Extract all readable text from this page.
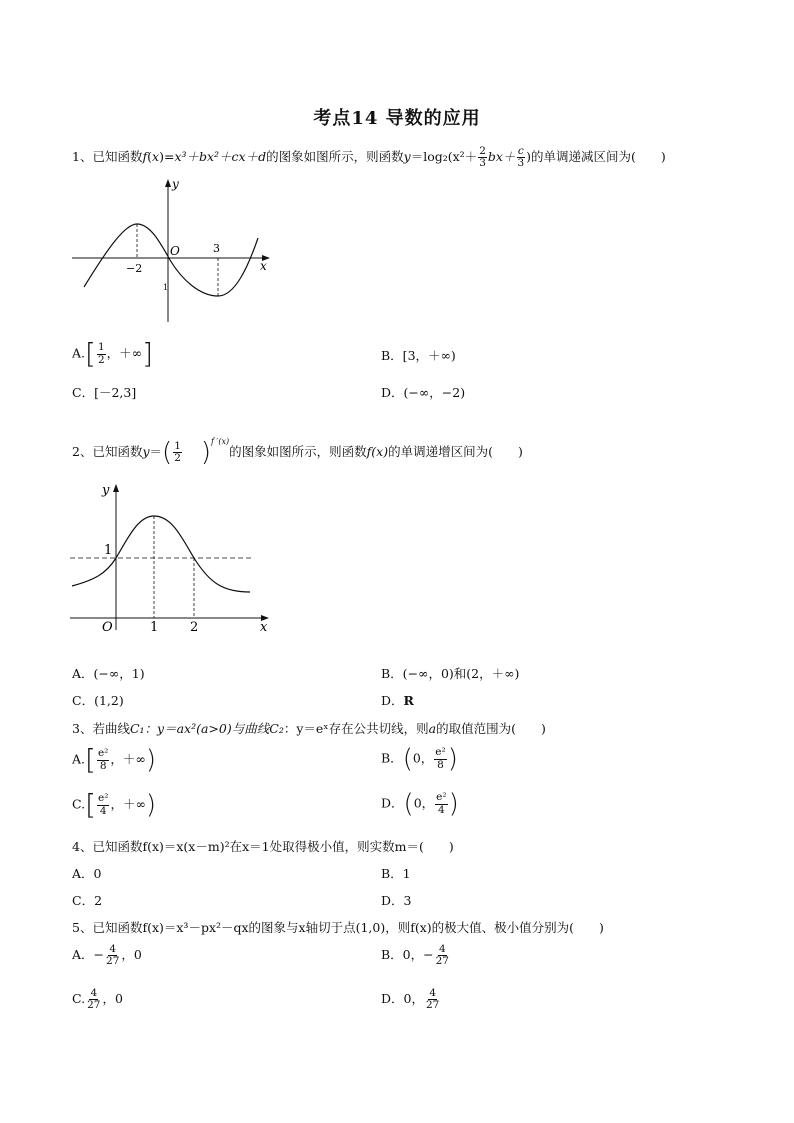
考点14 导数的应用
1、已知函数f(x)=x³＋bx²＋cx＋d的图象如图所示，则函数$y=\log_2(x^2+ \frac{2}{3} bx+ \frac{c}{3}$ )的单调递减区间为(　　)
y
x
O
−2
3
1
$A.[ \frac{1}{2}$ ，＋∞]	B．[3，＋∞)
C．[－2,3]	D．(−∞，−2)
2、已知函数$y=( \frac{1}{2} )^{f '(x)}$的图象如图所示，则函数f(x)的单调递增区间为(　　)
y
x
O
1
1 2
A．(−∞，1)	B．(−∞，0)和(2，＋∞)
C．(1,2)	D．R
3、若曲线C₁：y＝ax²(a>0)与曲线C₂：y＝eˣ存在公共切线，则a的取值范围为(　　)
$A.[ \frac{\text{e²}}{8}$ ，＋∞)	B．(0， $\frac{\text{e²}}{8}$ )
$C.[ \frac{\text{e²}}{4}$ ，＋∞)	D．(0， $\frac{\text{e²}}{4}$ )
4、已知函数f(x)＝x(x－m)²在x＝1处取得极小值，则实数m＝(　　)
A．0	B．1
C．2	D．3
5、已知函数f(x)＝x³－px²－qx的图象与x轴切于点(1,0)，则f(x)的极大值、极小值分别为(　　)
A．− $\frac{4}{27}$ ，0	B．0，− $\frac{4}{27}$
C. $\frac{4}{27}$ ，0	D．0， $\frac{4}{27}$
